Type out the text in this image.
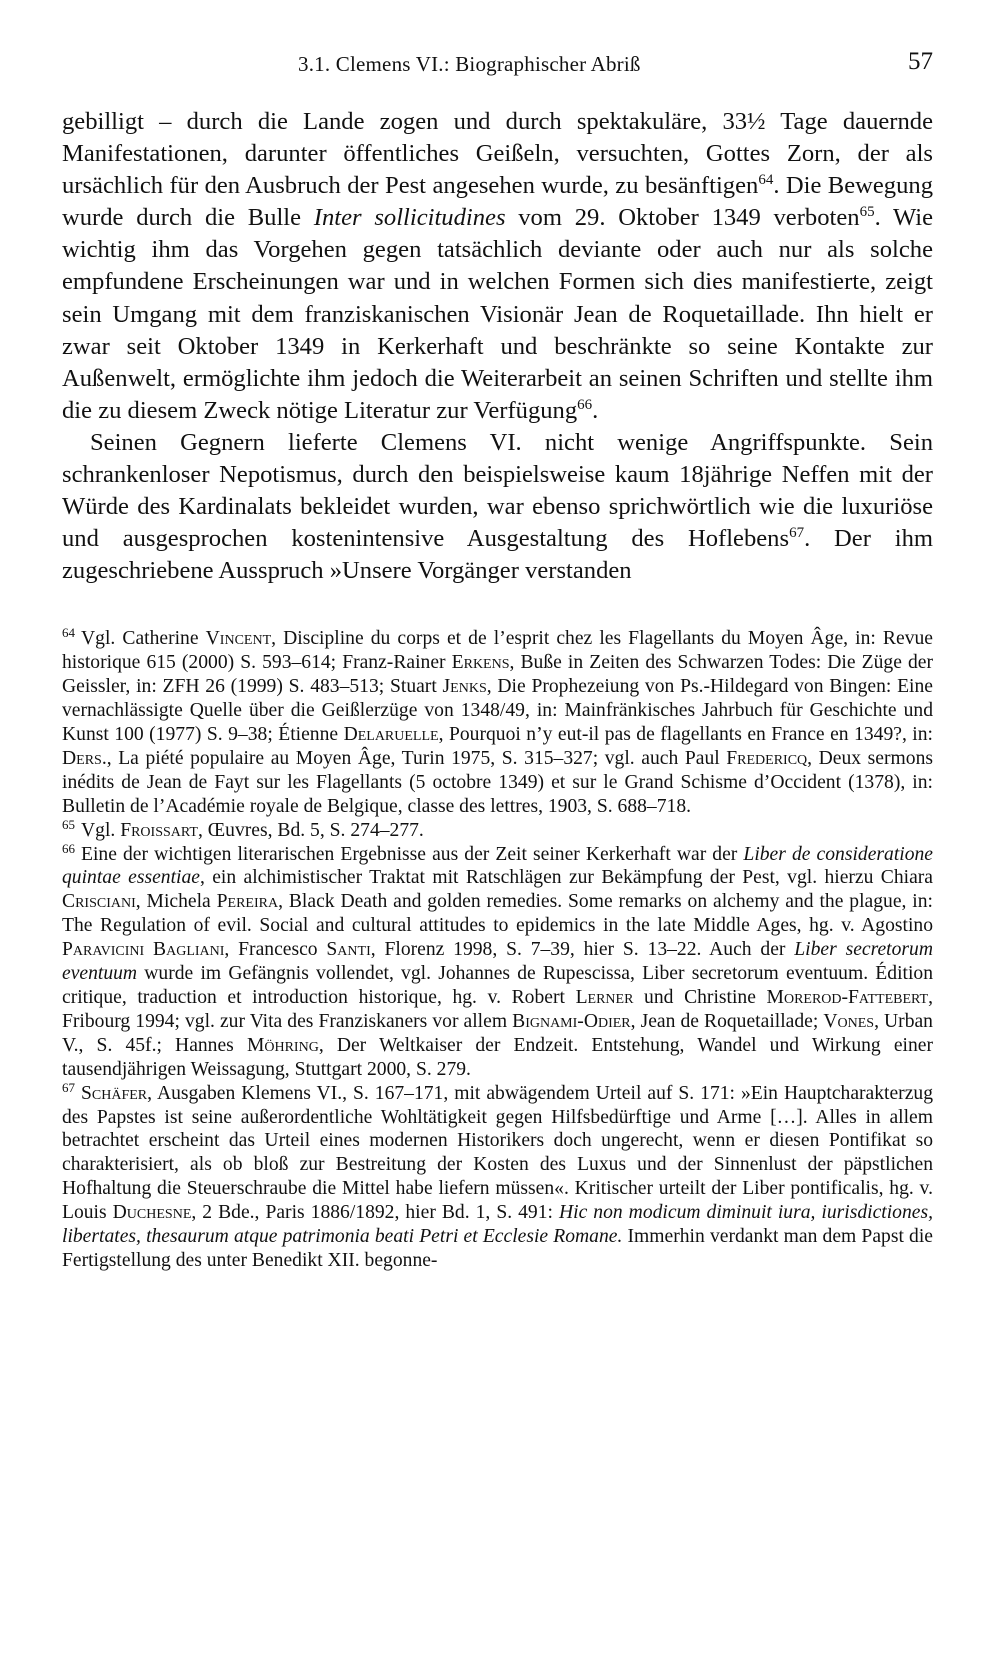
3.1. Clemens VI.: Biographischer Abriß	57

gebilligt – durch die Lande zogen und durch spektakuläre, 33½ Tage dauernde Manifestationen, darunter öffentliches Geißeln, versuchten, Gottes Zorn, der als ursächlich für den Ausbruch der Pest angesehen wurde, zu besänftigen$^{64}$. Die Bewegung wurde durch die Bulle Inter sollicitudines vom 29. Oktober 1349 verboten$^{65}$. Wie wichtig ihm das Vorgehen gegen tatsächlich deviante oder auch nur als solche empfundene Erscheinungen war und in welchen Formen sich dies manifestierte, zeigt sein Umgang mit dem franziskanischen Visionär Jean de Roquetaillade. Ihn hielt er zwar seit Oktober 1349 in Kerkerhaft und beschränkte so seine Kontakte zur Außenwelt, ermöglichte ihm jedoch die Weiterarbeit an seinen Schriften und stellte ihm die zu diesem Zweck nötige Literatur zur Verfügung$^{66}$.

Seinen Gegnern lieferte Clemens VI. nicht wenige Angriffspunkte. Sein schrankenloser Nepotismus, durch den beispielsweise kaum 18jährige Neffen mit der Würde des Kardinalats bekleidet wurden, war ebenso sprichwörtlich wie die luxuriöse und ausgesprochen kostenintensive Ausgestaltung des Hoflebens$^{67}$. Der ihm zugeschriebene Ausspruch »Unsere Vorgänger verstanden

$^{64}$ Vgl. Catherine Vincent, Discipline du corps et de l’esprit chez les Flagellants du Moyen Âge, in: Revue historique 615 (2000) S. 593–614; Franz-Rainer Erkens, Buße in Zeiten des Schwarzen Todes: Die Züge der Geissler, in: ZFH 26 (1999) S. 483–513; Stuart Jenks, Die Prophezeiung von Ps.-Hildegard von Bingen: Eine vernachlässigte Quelle über die Geißlerzüge von 1348/49, in: Mainfränkisches Jahrbuch für Geschichte und Kunst 100 (1977) S. 9–38; Étienne Delaruelle, Pourquoi n’y eut-il pas de flagellants en France en 1349?, in: Ders., La piété populaire au Moyen Âge, Turin 1975, S. 315–327; vgl. auch Paul Fredericq, Deux sermons inédits de Jean de Fayt sur les Flagellants (5 octobre 1349) et sur le Grand Schisme d’Occident (1378), in: Bulletin de l’Académie royale de Belgique, classe des lettres, 1903, S. 688–718.

$^{65}$ Vgl. Froissart, Œuvres, Bd. 5, S. 274–277.

$^{66}$ Eine der wichtigen literarischen Ergebnisse aus der Zeit seiner Kerkerhaft war der Liber de consideratione quintae essentiae, ein alchimistischer Traktat mit Ratschlägen zur Bekämpfung der Pest, vgl. hierzu Chiara Crisciani, Michela Pereira, Black Death and golden remedies. Some remarks on alchemy and the plague, in: The Regulation of evil. Social and cultural attitudes to epidemics in the late Middle Ages, hg. v. Agostino Paravicini Bagliani, Francesco Santi, Florenz 1998, S. 7–39, hier S. 13–22. Auch der Liber secretorum eventuum wurde im Gefängnis vollendet, vgl. Johannes de Rupescissa, Liber secretorum eventuum. Édition critique, traduction et introduction historique, hg. v. Robert Lerner und Christine Morerod-Fattebert, Fribourg 1994; vgl. zur Vita des Franziskaners vor allem Bignami-Odier, Jean de Roquetaillade; Vones, Urban V., S. 45f.; Hannes Möhring, Der Weltkaiser der Endzeit. Entstehung, Wandel und Wirkung einer tausendjährigen Weissagung, Stuttgart 2000, S. 279.

$^{67}$ Schäfer, Ausgaben Klemens VI., S. 167–171, mit abwägendem Urteil auf S. 171: »Ein Hauptcharakterzug des Papstes ist seine außerordentliche Wohltätigkeit gegen Hilfsbedürftige und Arme […]. Alles in allem betrachtet erscheint das Urteil eines modernen Historikers doch ungerecht, wenn er diesen Pontifikat so charakterisiert, als ob bloß zur Bestreitung der Kosten des Luxus und der Sinnenlust der päpstlichen Hofhaltung die Steuerschraube die Mittel habe liefern müssen«. Kritischer urteilt der Liber pontificalis, hg. v. Louis Duchesne, 2 Bde., Paris 1886/1892, hier Bd. 1, S. 491: Hic non modicum diminuit iura, iurisdictiones, libertates, thesaurum atque patrimonia beati Petri et Ecclesie Romane. Immerhin verdankt man dem Papst die Fertigstellung des unter Benedikt XII. begonne-
